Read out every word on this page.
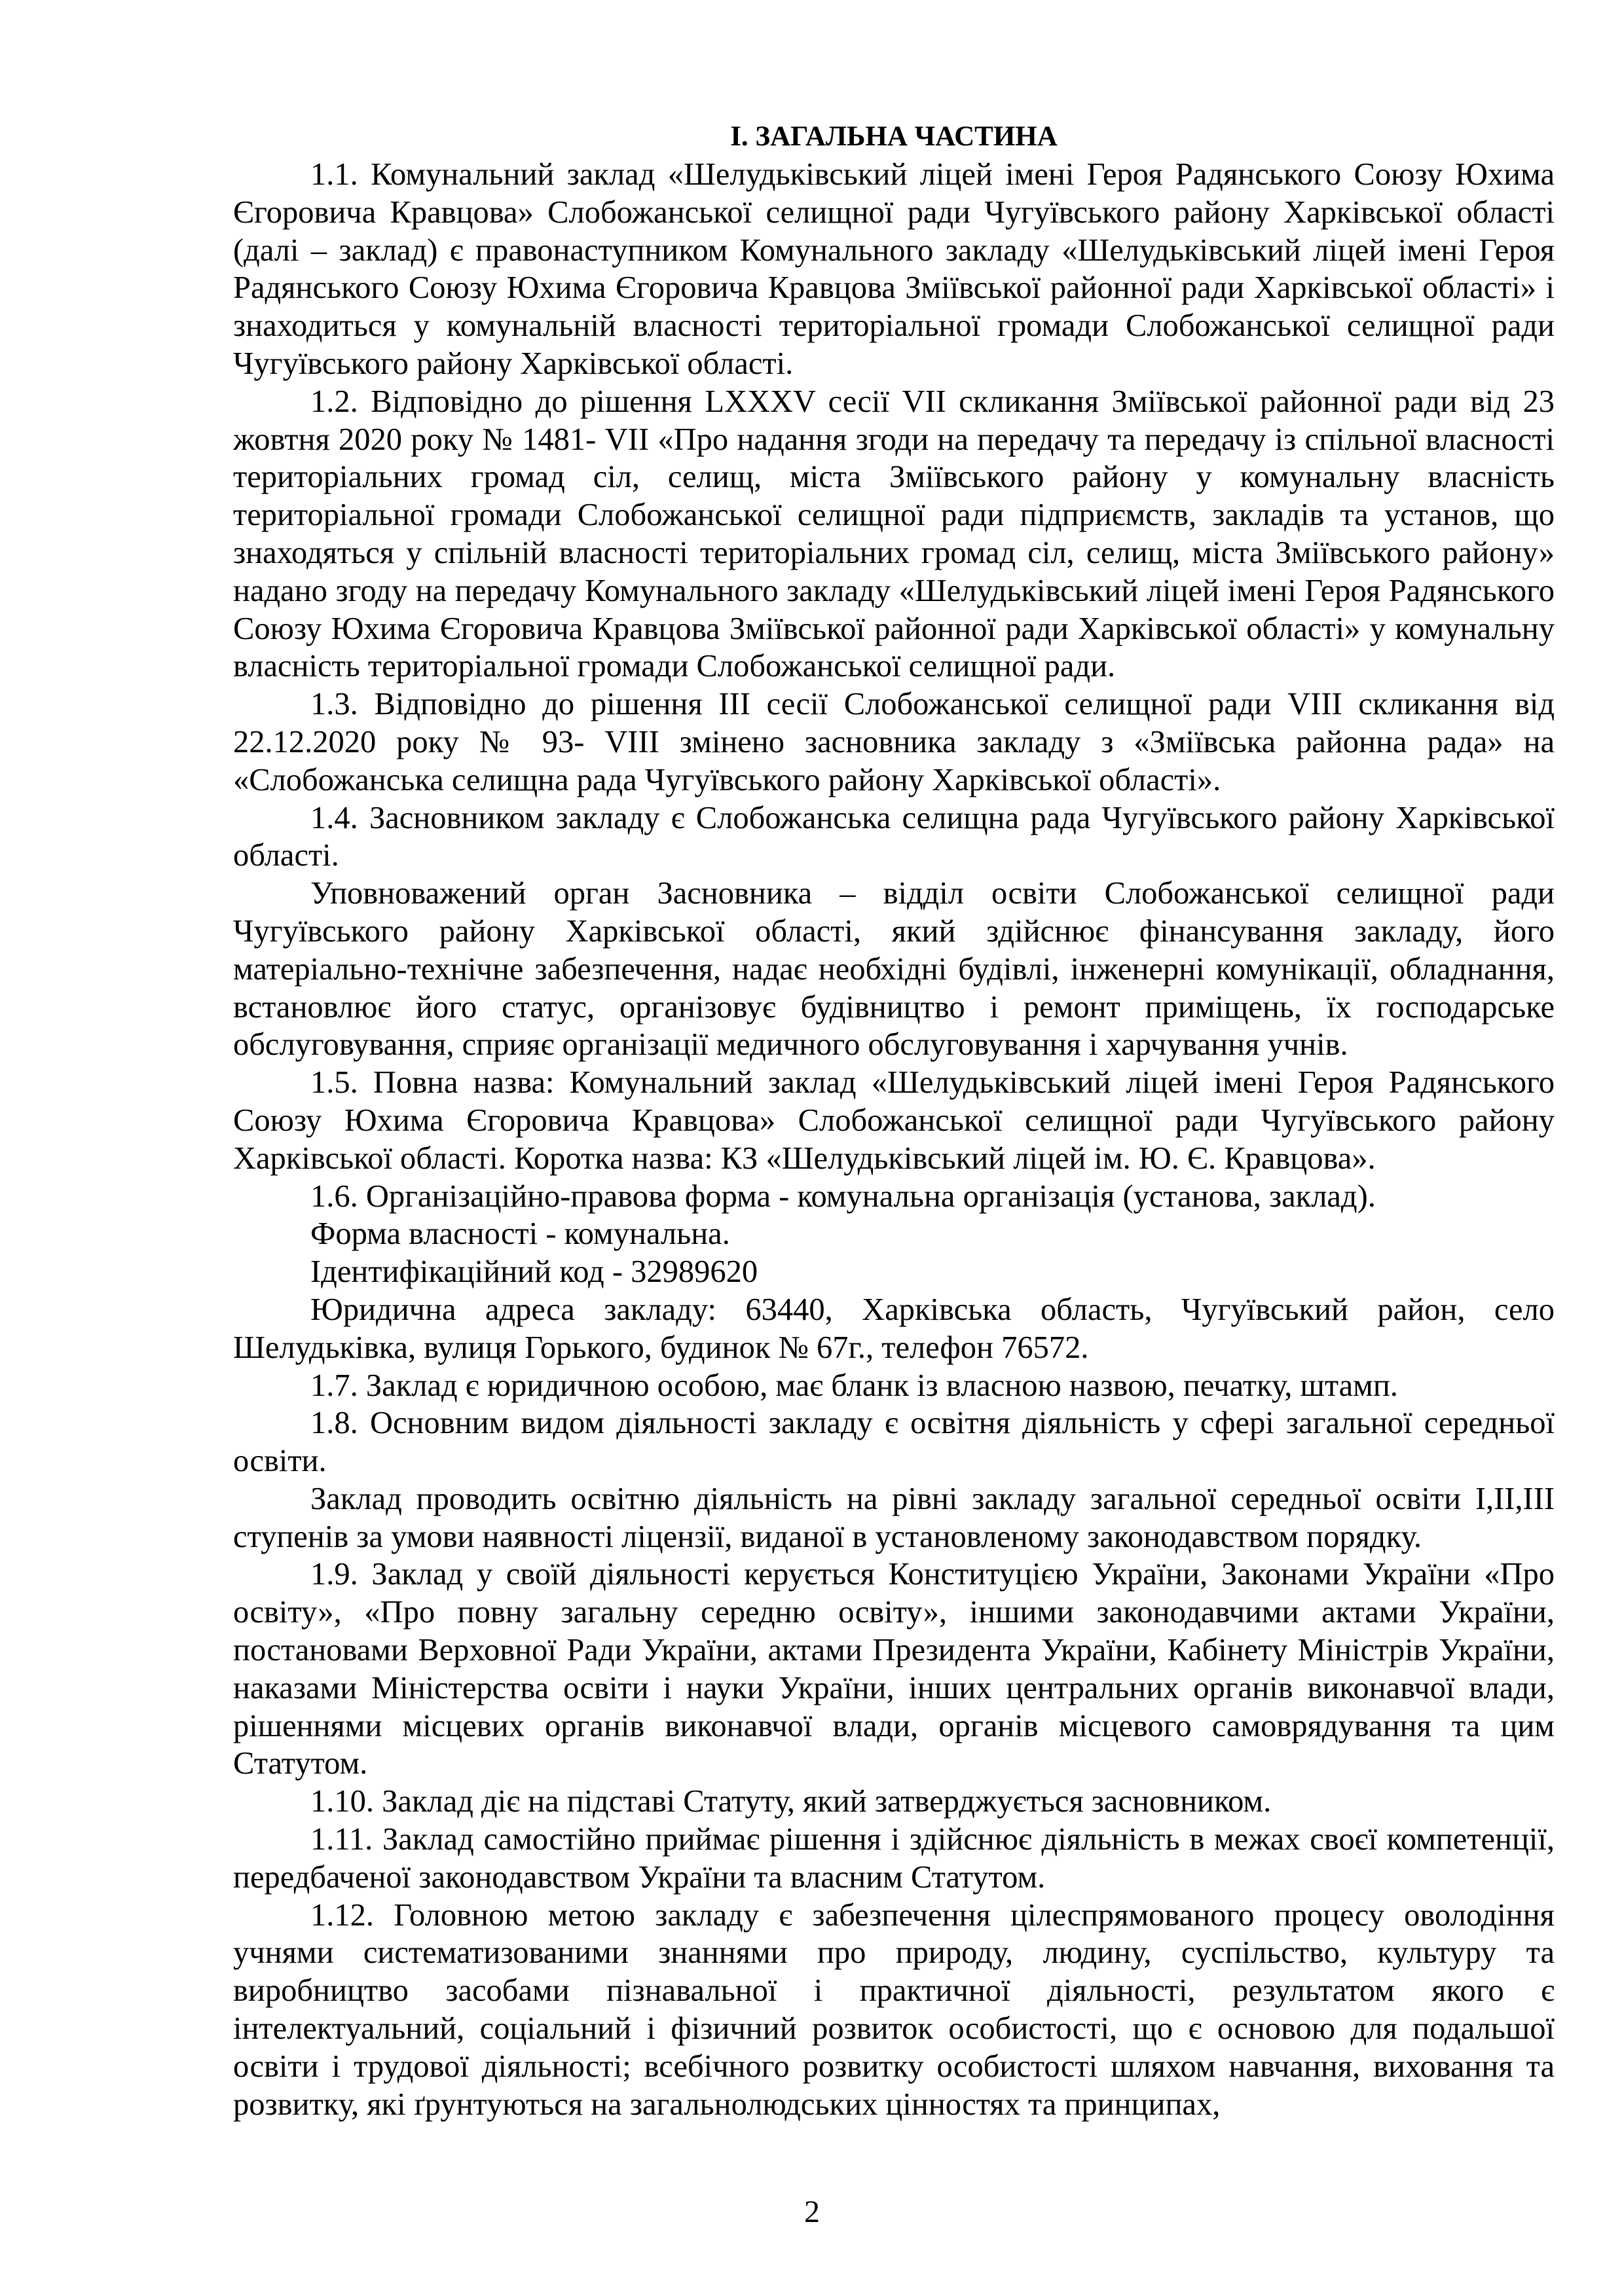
І. ЗАГАЛЬНА ЧАСТИНА

1.1. Комунальний заклад «Шелудьківський ліцей імені Героя Радянського Союзу Юхима Єгоровича Кравцова» Слобожанської селищної ради Чугуївського району Харківської області (далі – заклад) є правонаступником Комунального закладу «Шелудьківський ліцей імені Героя Радянського Союзу Юхима Єгоровича Кравцова Зміївської районної ради Харківської області» і знаходиться у комунальній власності територіальної громади Слобожанської селищної ради Чугуївського району Харківської області.

1.2. Відповідно до рішення LXXXV сесії VII скликання Зміївської районної ради від 23 жовтня 2020 року № 1481- VII «Про надання згоди на передачу та передачу із спільної власності територіальних громад сіл, селищ, міста Зміївського району у комунальну власність територіальної громади Слобожанської селищної ради підприємств, закладів та установ, що знаходяться у спільній власності територіальних громад сіл, селищ, міста Зміївського району» надано згоду на передачу Комунального закладу «Шелудьківський ліцей імені Героя Радянського Союзу Юхима Єгоровича Кравцова Зміївської районної ради Харківської області» у комунальну власність територіальної громади Слобожанської селищної ради.

1.3. Відповідно до рішення ІІІ сесії Слобожанської селищної ради VIII скликання від 22.12.2020 року № 93- VIII змінено засновника закладу з «Зміївська районна рада» на «Слобожанська селищна рада Чугуївського району Харківської області».

1.4. Засновником закладу є Слобожанська селищна рада Чугуївського району Харківської області.

Уповноважений орган Засновника – відділ освіти Слобожанської селищної ради Чугуївського району Харківської області, який здійснює фінансування закладу, його матеріально-технічне забезпечення, надає необхідні будівлі, інженерні комунікації, обладнання, встановлює його статус, організовує будівництво і ремонт приміщень, їх господарське обслуговування, сприяє організації медичного обслуговування і харчування учнів.

1.5. Повна назва: Комунальний заклад «Шелудьківський ліцей імені Героя Радянського Союзу Юхима Єгоровича Кравцова» Слобожанської селищної ради Чугуївського району Харківської області. Коротка назва: КЗ «Шелудьківський ліцей ім. Ю. Є. Кравцова».

1.6. Організаційно-правова форма - комунальна організація (установа, заклад).

Форма власності - комунальна.

Ідентифікаційний код - 32989620

Юридична адреса закладу: 63440, Харківська область, Чугуївський район, село Шелудьківка, вулиця Горького, будинок № 67г., телефон 76572.

1.7. Заклад є юридичною особою, має бланк із власною назвою, печатку, штамп.

1.8. Основним видом діяльності закладу є освітня діяльність у сфері загальної середньої освіти.

Заклад проводить освітню діяльність на рівні закладу загальної середньої освіти І,ІІ,ІІІ ступенів за умови наявності ліцензії, виданої в установленому законодавством порядку.

1.9. Заклад у своїй діяльності керується Конституцією України, Законами України «Про освіту», «Про повну загальну середню освіту», іншими законодавчими актами України, постановами Верховної Ради України, актами Президента України, Кабінету Міністрів України, наказами Міністерства освіти і науки України, інших центральних органів виконавчої влади, рішеннями місцевих органів виконавчої влади, органів місцевого самоврядування та цим Статутом.

1.10. Заклад діє на підставі Статуту, який затверджується засновником.

1.11. Заклад самостійно приймає рішення і здійснює діяльність в межах своєї компетенції, передбаченої законодавством України та власним Статутом.

1.12. Головною метою закладу є забезпечення цілеспрямованого процесу оволодіння учнями систематизованими знаннями про природу, людину, суспільство, культуру та виробництво засобами пізнавальної і практичної діяльності, результатом якого є інтелектуальний, соціальний і фізичний розвиток особистості, що є основою для подальшої освіти і трудової діяльності; всебічного розвитку особистості шляхом навчання, виховання та розвитку, які ґрунтуються на загальнолюдських цінностях та принципах,

2
